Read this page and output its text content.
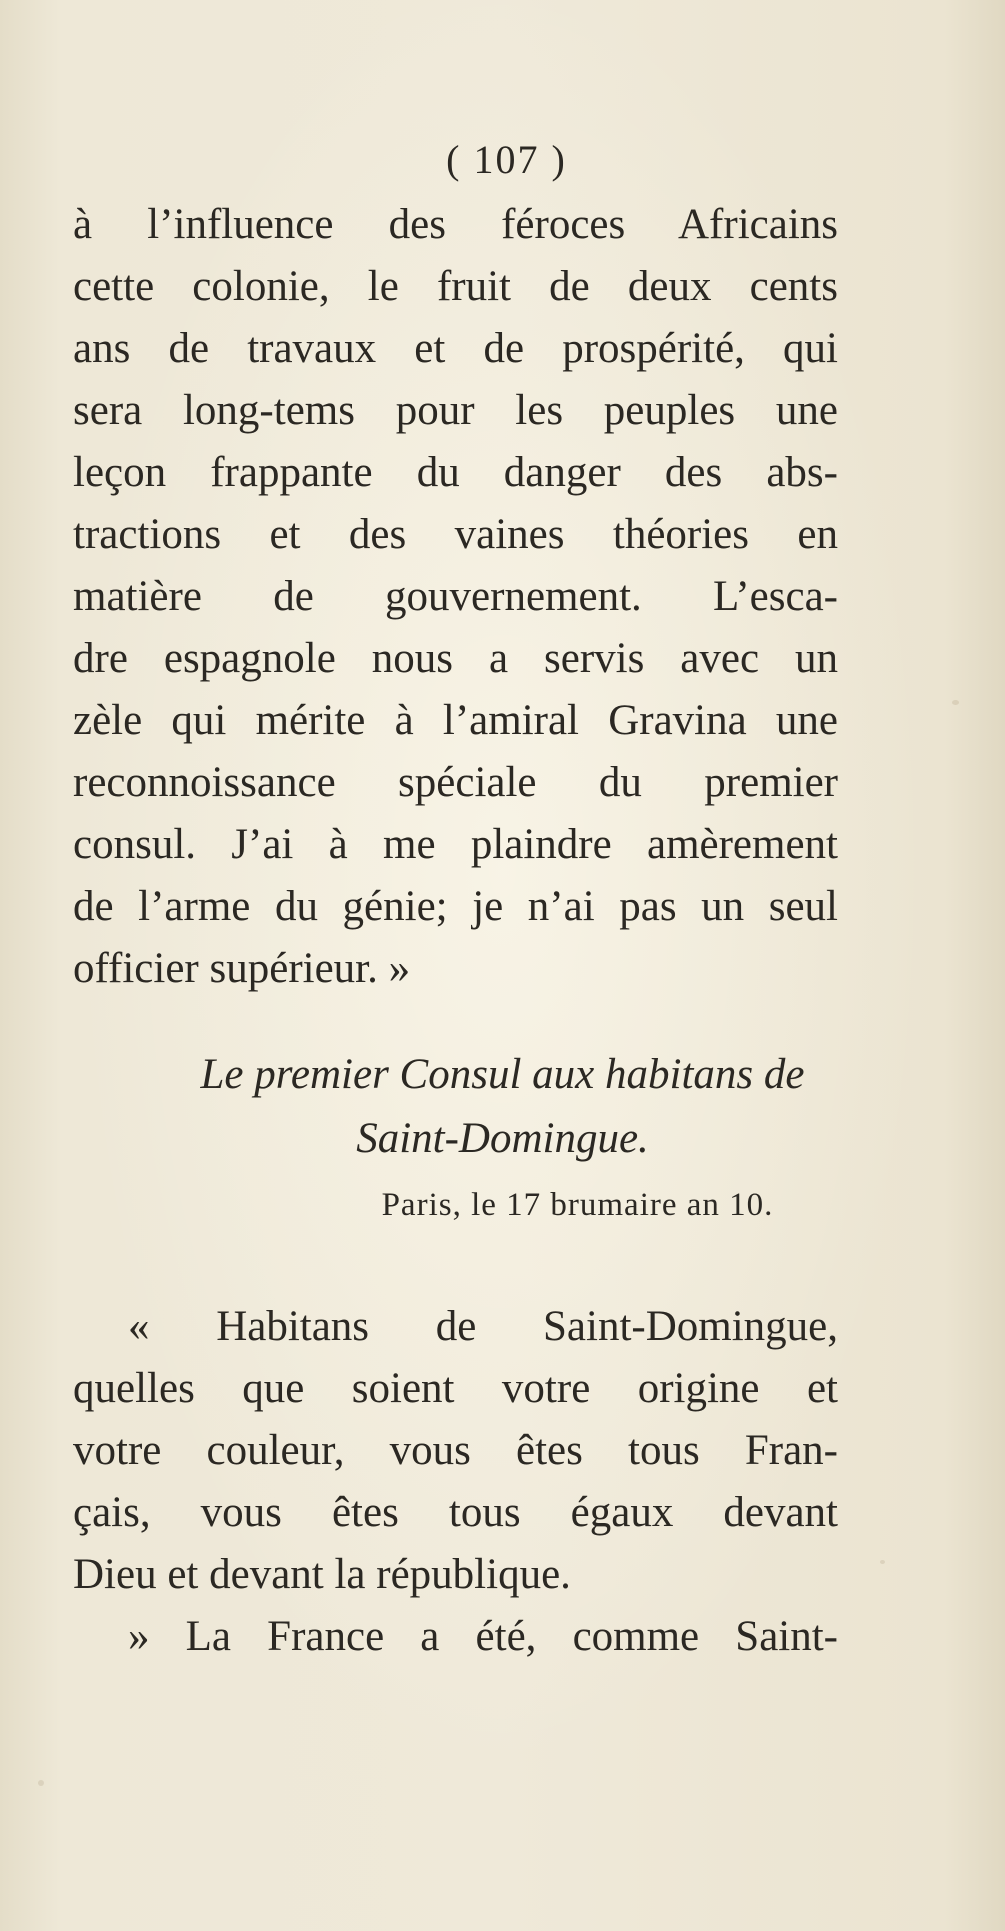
( 107 )
à l’influence des féroces Africains
cette colonie, le fruit de deux cents
ans de travaux et de prospérité, qui
sera long-tems pour les peuples une
leçon frappante du danger des abs-
tractions et des vaines théories en
matière de gouvernement. L’esca-
dre espagnole nous a servis avec un
zèle qui mérite à l’amiral Gravina une
reconnoissance spéciale du premier
consul. J’ai à me plaindre amèrement
de l’arme du génie; je n’ai pas un seul
officier supérieur. »
Le premier Consul aux habitans de
Saint-Domingue.
Paris, le 17 brumaire an 10.
« Habitans de Saint-Domingue,
quelles que soient votre origine et
votre couleur, vous êtes tous Fran-
çais, vous êtes tous égaux devant
Dieu et devant la république.
» La France a été, comme Saint-
